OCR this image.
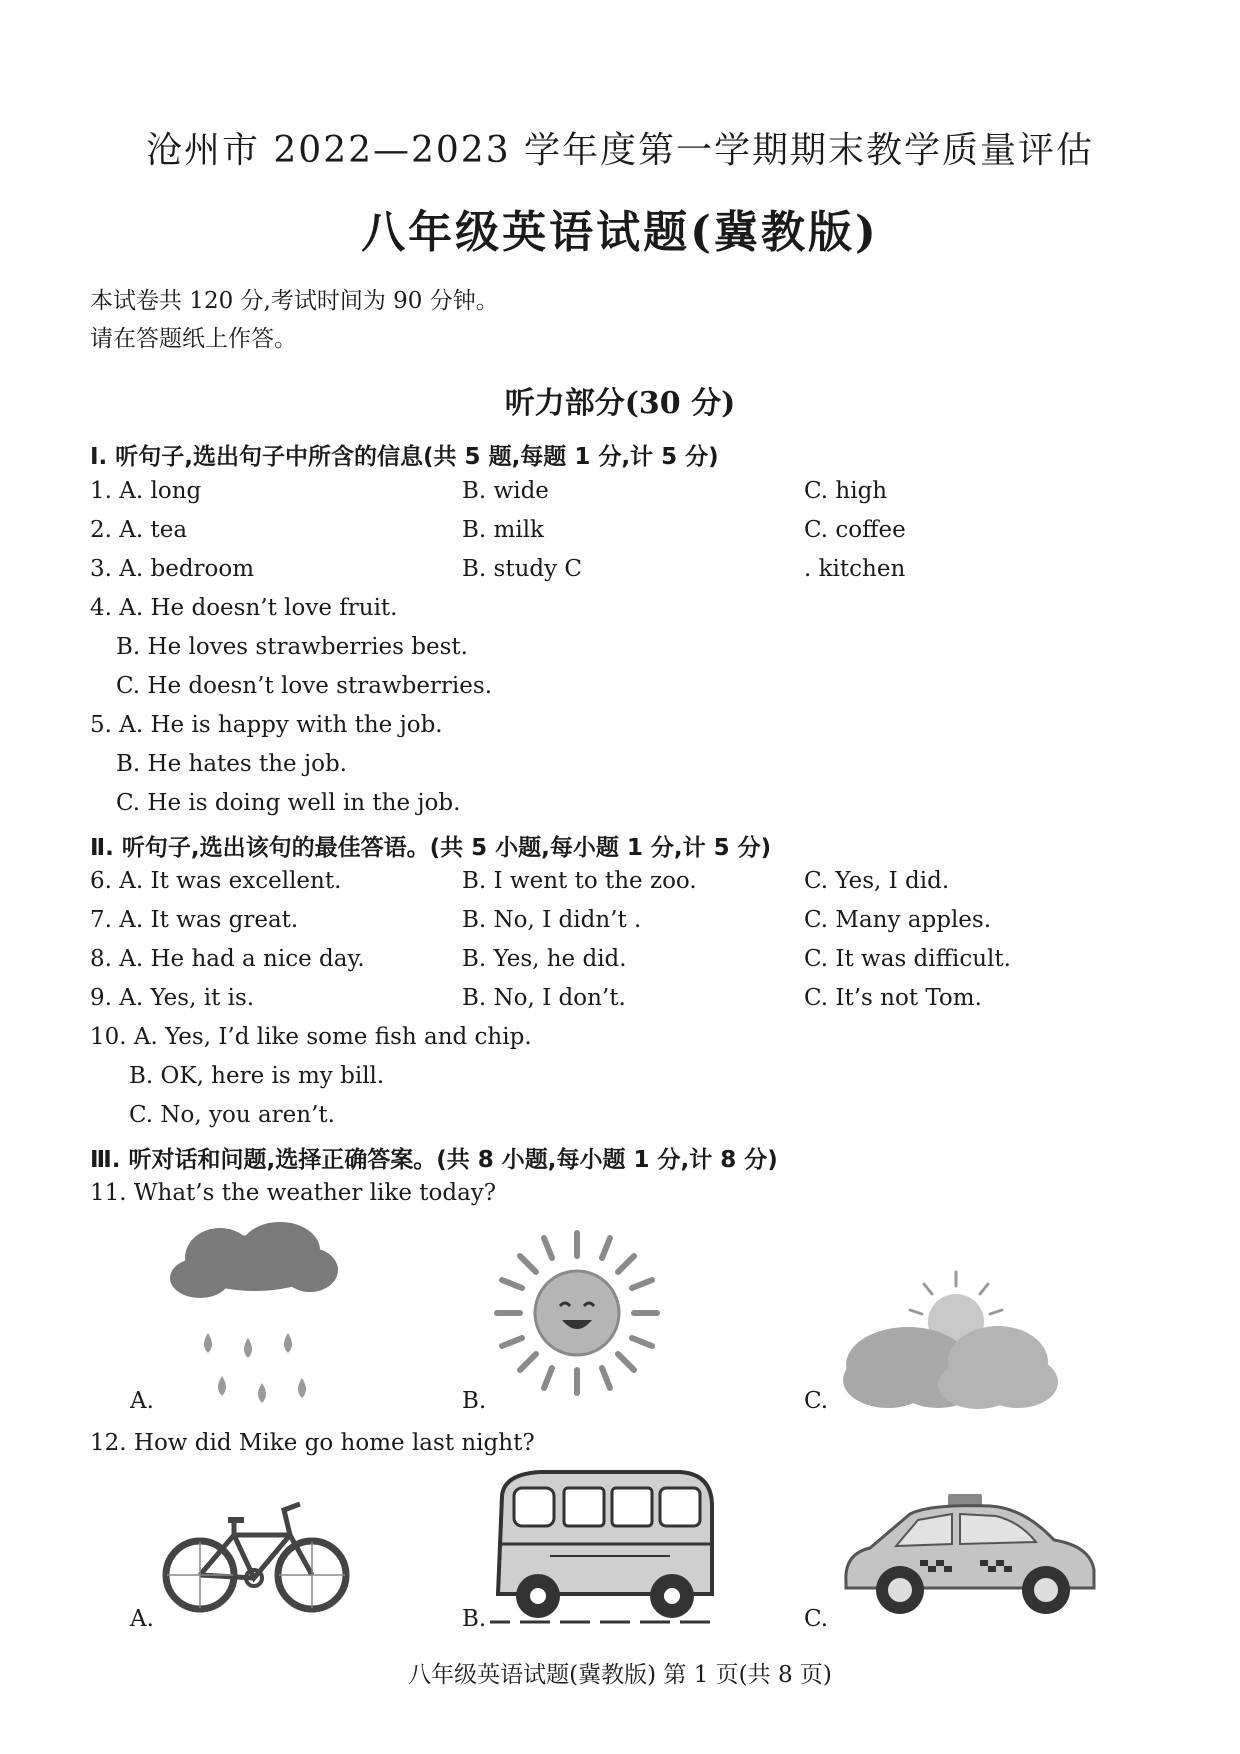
沧州市 2022—2023 学年度第一学期期末教学质量评估
八年级英语试题(冀教版)
本试卷共 120 分,考试时间为 90 分钟。
请在答题纸上作答。
听力部分(30 分)
Ⅰ. 听句子,选出句子中所含的信息(共 5 题,每题 1 分,计 5 分)
1. A. long	B. wide	C. high
2. A. tea	B. milk	C. coffee
3. A. bedroom	B. study C	. kitchen
4. A. He doesn’t love fruit.
B. He loves strawberries best.
C. He doesn’t love strawberries.
5. A. He is happy with the job.
B. He hates the job.
C. He is doing well in the job.
Ⅱ. 听句子,选出该句的最佳答语。(共 5 小题,每小题 1 分,计 5 分)
6. A. It was excellent.	B. I went to the zoo.	C. Yes, I did.
7. A. It was great.	B. No, I didn’t .	C. Many apples.
8. A. He had a nice day.	B. Yes, he did.	C. It was difficult.
9. A. Yes, it is.	B. No, I don’t.	C. It’s not Tom.
10. A. Yes, I’d like some fish and chip.
B. OK, here is my bill.
C. No, you aren’t.
Ⅲ. 听对话和问题,选择正确答案。(共 8 小题,每小题 1 分,计 8 分)
11. What’s the weather like today?
A.	B.	C.
12. How did Mike go home last night?
A.	B.	C.
八年级英语试题(冀教版) 第 1 页(共 8 页)
